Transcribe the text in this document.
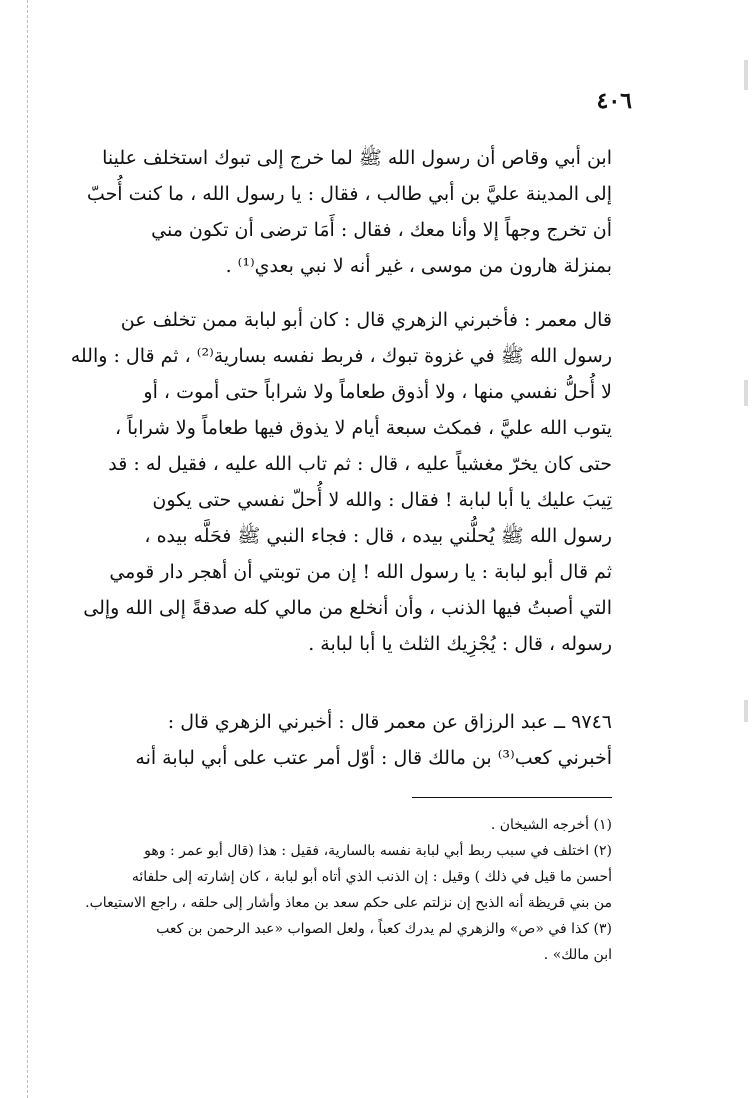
٤٠٦
ابن أبي وقاص أن رسول الله ﷺ لما خرج إلى تبوك استخلف علينا
إلى المدينة عليَّ بن أبي طالب ، فقال : يا رسول الله ، ما كنت أُحبّ
أن تخرج وجهاً إلا وأنا معك ، فقال : أَمَا ترضى أن تكون مني
بمنزلة هارون من موسى ، غير أنه لا نبي بعدي⁽¹⁾ .
قال معمر : فأخبرني الزهري قال : كان أبو لبابة ممن تخلف عن
رسول الله ﷺ في غزوة تبوك ، فربط نفسه بسارية⁽²⁾ ، ثم قال : والله
لا أُحلُّ نفسي منها ، ولا أذوق طعاماً ولا شراباً حتى أموت ، أو
يتوب الله عليَّ ، فمكث سبعة أيام لا يذوق فيها طعاماً ولا شراباً ،
حتى كان يخرّ مغشياً عليه ، قال : ثم تاب الله عليه ، فقيل له : قد
تِيبَ عليك يا أبا لبابة ! فقال : والله لا أُحلّ نفسي حتى يكون
رسول الله ﷺ يُحلُّني بيده ، قال : فجاء النبي ﷺ فحَلَّه بيده ،
ثم قال أبو لبابة : يا رسول الله ! إن من توبتي أن أهجر دار قومي
التي أصبتُ فيها الذنب ، وأن أنخلع من مالي كله صدقةً إلى الله وإلى
رسوله ، قال : يُجْزِيك الثلث يا أبا لبابة .
٩٧٤٦ ــ عبد الرزاق عن معمر قال : أخبرني الزهري قال :
أخبرني كعب⁽³⁾ بن مالك قال : أوّل أمر عتب على أبي لبابة أنه
(١) أخرجه الشيخان .
(٢) اختلف في سبب ربط أبي لبابة نفسه بالسارية، فقيل : هذا (قال أبو عمر : وهو
أحسن ما قيل في ذلك ) وقيل : إن الذنب الذي أتاه أبو لبابة ، كان إشارته إلى حلفائه
من بني قريظة أنه الذبح إن نزلتم على حكم سعد بن معاذ وأشار إلى حلقه ، راجع الاستيعاب.
(٣) كذا في «ص» والزهري لم يدرك كعباً ، ولعل الصواب «عبد الرحمن بن كعب
ابن مالك» .
